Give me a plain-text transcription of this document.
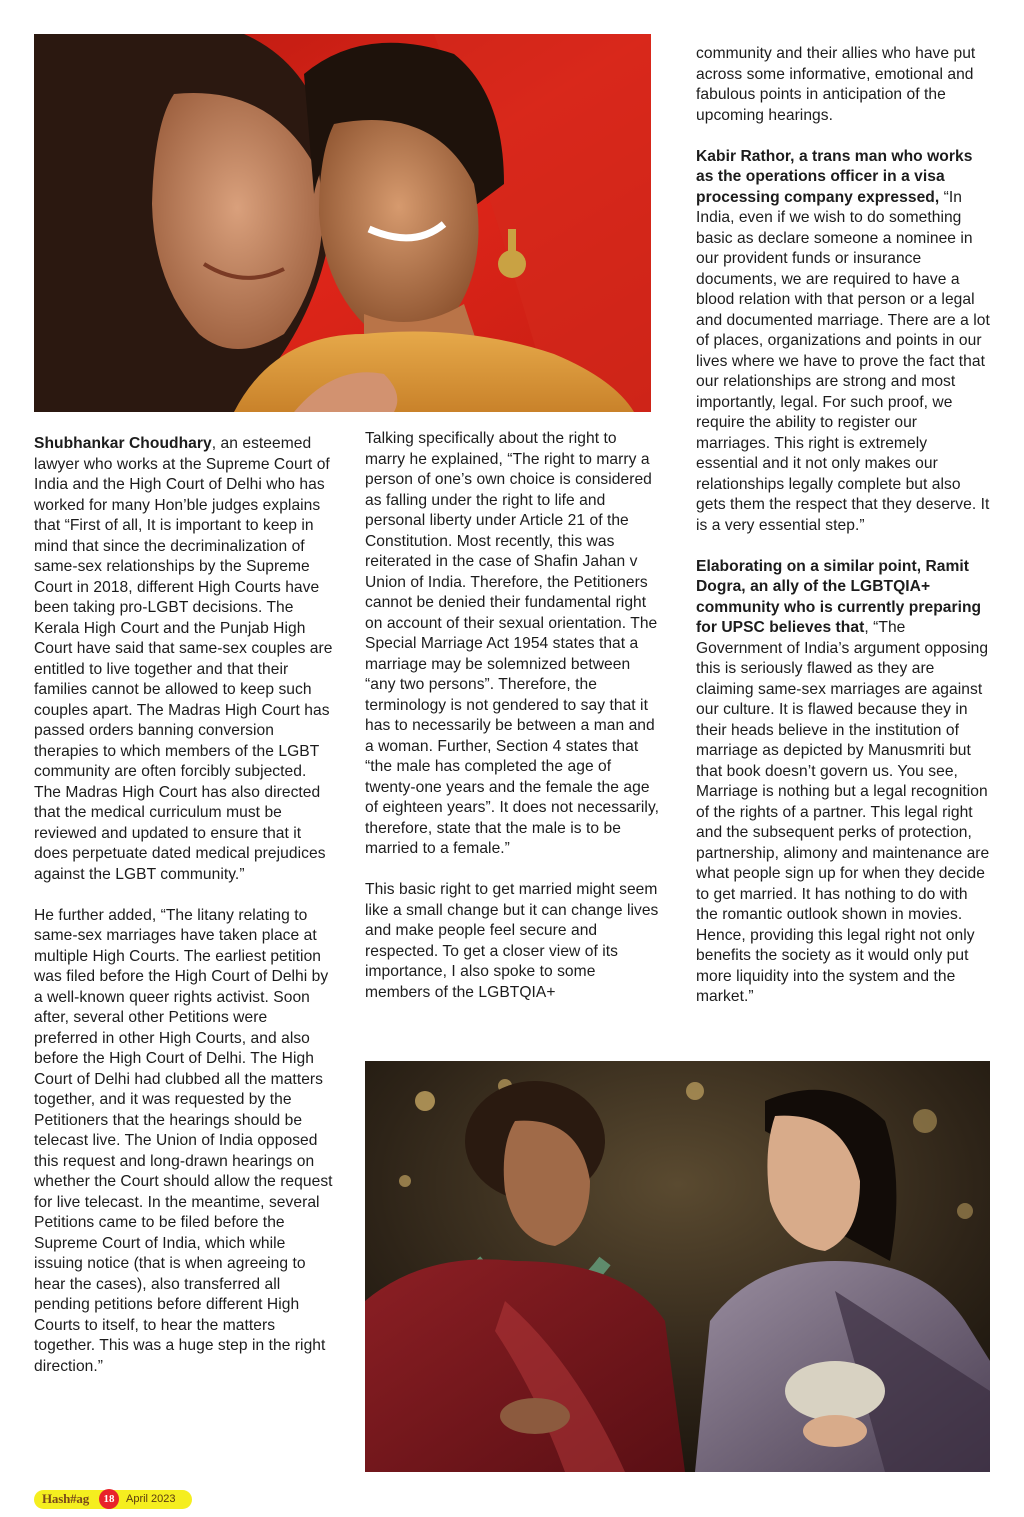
Shubhankar Choudhary, an esteemed lawyer who works at the Supreme Court of India and the High Court of Delhi who has worked for many Hon’ble judges explains that “First of all, It is important to keep in mind that since the decriminalization of same-sex relationships by the Supreme Court in 2018, different High Courts have been taking pro-LGBT decisions. The Kerala High Court and the Punjab High Court have said that same-sex couples are entitled to live together and that their families cannot be allowed to keep such couples apart. The Madras High Court has passed orders banning conversion therapies to which members of the LGBT community are often forcibly subjected. The Madras High Court has also directed that the medical curriculum must be reviewed and updated to ensure that it does perpetuate dated medical prejudices against the LGBT community.”

He further added, “The litany relating to same-sex marriages have taken place at multiple High Courts. The earliest petition was filed before the High Court of Delhi by a well-known queer rights activist. Soon after, several other Petitions were preferred in other High Courts, and also before the High Court of Delhi. The High Court of Delhi had clubbed all the matters together, and it was requested by the Petitioners that the hearings should be telecast live. The Union of India opposed this request and long-drawn hearings on whether the Court should allow the request for live telecast. In the meantime, several Petitions came to be filed before the Supreme Court of India, which while issuing notice (that is when agreeing to hear the cases), also transferred all pending petitions before different High Courts to itself, to hear the matters together. This was a huge step in the right direction.”

Talking specifically about the right to marry he explained, “The right to marry a person of one’s own choice is considered as falling under the right to life and personal liberty under Article 21 of the Constitution. Most recently, this was reiterated in the case of Shafin Jahan v Union of India. Therefore, the Petitioners cannot be denied their fundamental right on account of their sexual orientation. The Special Marriage Act 1954 states that a marriage may be solemnized between “any two persons”. Therefore, the terminology is not gendered to say that it has to necessarily be between a man and a woman. Further, Section 4 states that “the male has completed the age of twenty-one years and the female the age of eighteen years”. It does not necessarily, therefore, state that the male is to be married to a female.”

This basic right to get married might seem like a small change but it can change lives and make people feel secure and respected. To get a closer view of its importance, I also spoke to some members of the LGBTQIA+

community and their allies who have put across some informative, emotional and fabulous points in anticipation of the upcoming hearings.

Kabir Rathor, a trans man who works as the operations officer in a visa processing company expressed, “In India, even if we wish to do something basic as declare someone a nominee in our provident funds or insurance documents, we are required to have a blood relation with that person or a legal and documented marriage. There are a lot of places, organizations and points in our lives where we have to prove the fact that our relationships are strong and most importantly, legal. For such proof, we require the ability to register our marriages. This right is extremely essential and it not only makes our relationships legally complete but also gets them the respect that they deserve. It is a very essential step.”

Elaborating on a similar point, Ramit Dogra, an ally of the LGBTQIA+ community who is currently preparing for UPSC believes that, “The Government of India’s argument opposing this is seriously flawed as they are claiming same-sex marriages are against our culture. It is flawed because they in their heads believe in the institution of marriage as depicted by Manusmriti but that book doesn’t govern us. You see, Marriage is nothing but a legal recognition of the rights of a partner. This legal right and the subsequent perks of protection, partnership, alimony and maintenance are what people sign up for when they decide to get married. It has nothing to do with the romantic outlook shown in movies. Hence, providing this legal right not only benefits the society as it would only put more liquidity into the system and the market.”

Hash#ag	18	April 2023
